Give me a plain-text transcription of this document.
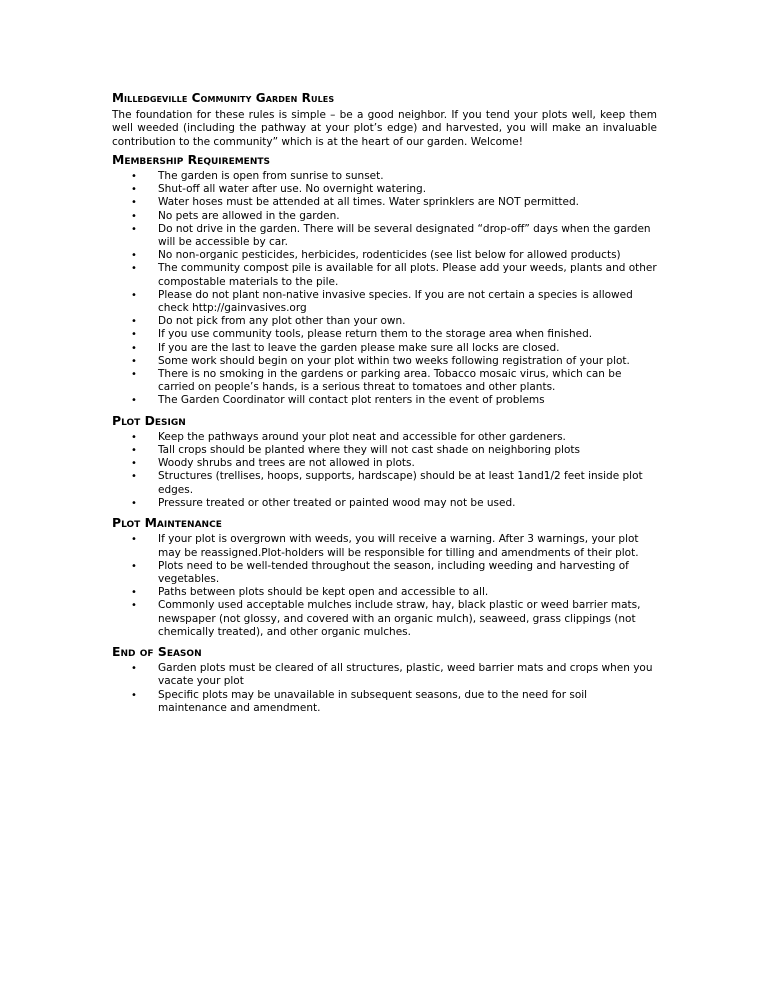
Milledgeville Community Garden Rules

The foundation for these rules is simple – be a good neighbor. If you tend your plots well, keep them well weeded (including the pathway at your plot’s edge) and harvested, you will make an invaluable contribution to the community” which is at the heart of our garden. Welcome!

Membership Requirements
• The garden is open from sunrise to sunset.
• Shut-off all water after use. No overnight watering.
• Water hoses must be attended at all times. Water sprinklers are NOT permitted.
• No pets are allowed in the garden.
• Do not drive in the garden. There will be several designated “drop-off” days when the garden will be accessible by car.
• No non-organic pesticides, herbicides, rodenticides (see list below for allowed products)
• The community compost pile is available for all plots. Please add your weeds, plants and other compostable materials to the pile.
• Please do not plant non-native invasive species. If you are not certain a species is allowed check http://gainvasives.org
• Do not pick from any plot other than your own.
• If you use community tools, please return them to the storage area when finished.
• If you are the last to leave the garden please make sure all locks are closed.
• Some work should begin on your plot within two weeks following registration of your plot.
• There is no smoking in the gardens or parking area. Tobacco mosaic virus, which can be carried on people’s hands, is a serious threat to tomatoes and other plants.
• The Garden Coordinator will contact plot renters in the event of problems
Plot Design
• Keep the pathways around your plot neat and accessible for other gardeners.
• Tall crops should be planted where they will not cast shade on neighboring plots
• Woody shrubs and trees are not allowed in plots.
• Structures (trellises, hoops, supports, hardscape) should be at least 1and1/2 feet inside plot edges.
• Pressure treated or other treated or painted wood may not be used.
Plot Maintenance
• If your plot is overgrown with weeds, you will receive a warning. After 3 warnings, your plot may be reassigned.Plot-holders will be responsible for tilling and amendments of their plot.
• Plots need to be well-tended throughout the season, including weeding and harvesting of vegetables.
• Paths between plots should be kept open and accessible to all.
• Commonly used acceptable mulches include straw, hay, black plastic or weed barrier mats, newspaper (not glossy, and covered with an organic mulch), seaweed, grass clippings (not chemically treated), and other organic mulches.
End of Season
• Garden plots must be cleared of all structures, plastic, weed barrier mats and crops when you vacate your plot
• Specific plots may be unavailable in subsequent seasons, due to the need for soil maintenance and amendment.
